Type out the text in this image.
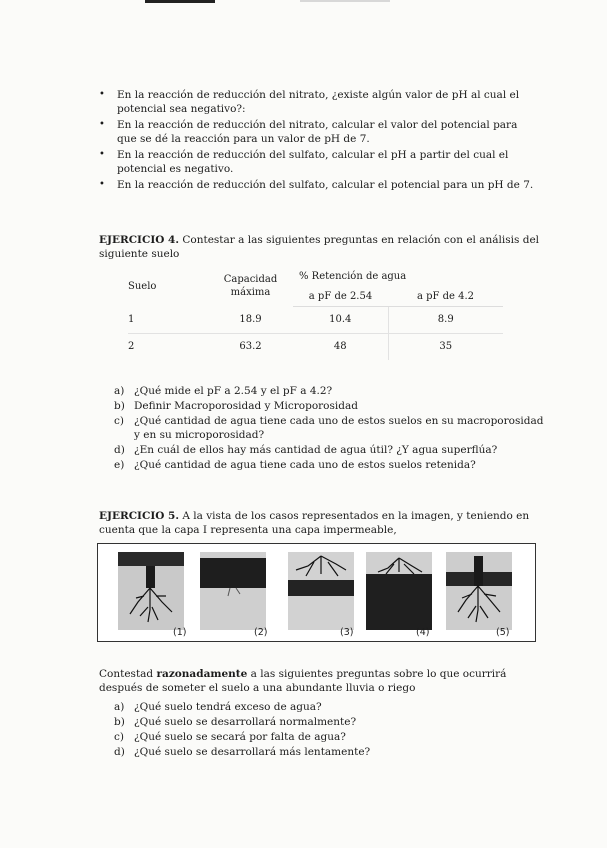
• En la reacción de reducción del nitrato, ¿existe algún valor de pH al cual el potencial sea negativo?:
• En la reacción de reducción del nitrato, calcular el valor del potencial para que se dé la reacción para un valor de pH de 7.
• En la reacción de reducción del sulfato, calcular el pH a partir del cual el potencial es negativo.
• En la reacción de reducción del sulfato, calcular el potencial para un pH de 7.
EJERCICIO 4. Contestar a las siguientes preguntas en relación con el análisis del siguiente suelo
Suelo	Capacidad máxima	% Retención de agua	
		a pF de 2.54	a pF de 4.2
1	18.9	10.4	8.9
2	63.2	48	35
a) ¿Qué mide el pF a 2.54 y el pF a 4.2?
b) Definir Macroporosidad y Microporosidad
c) ¿Qué cantidad de agua tiene cada uno de estos suelos en su macroporosidad y en su microporosidad?
d) ¿En cuál de ellos hay más cantidad de agua útil? ¿Y agua superflúa?
e) ¿Qué cantidad de agua tiene cada uno de estos suelos retenida?
EJERCICIO 5. A la vista de los casos representados en la imagen, y teniendo en cuenta que la capa I representa una capa impermeable,
(1)	(2)	(3)	(4)	(5)
Contestad razonadamente a las siguientes preguntas sobre lo que ocurrirá después de someter el suelo a una abundante lluvia o riego
a) ¿Qué suelo tendrá exceso de agua?
b) ¿Qué suelo se desarrollará normalmente?
c) ¿Qué suelo se secará por falta de agua?
d) ¿Qué suelo se desarrollará más lentamente?
